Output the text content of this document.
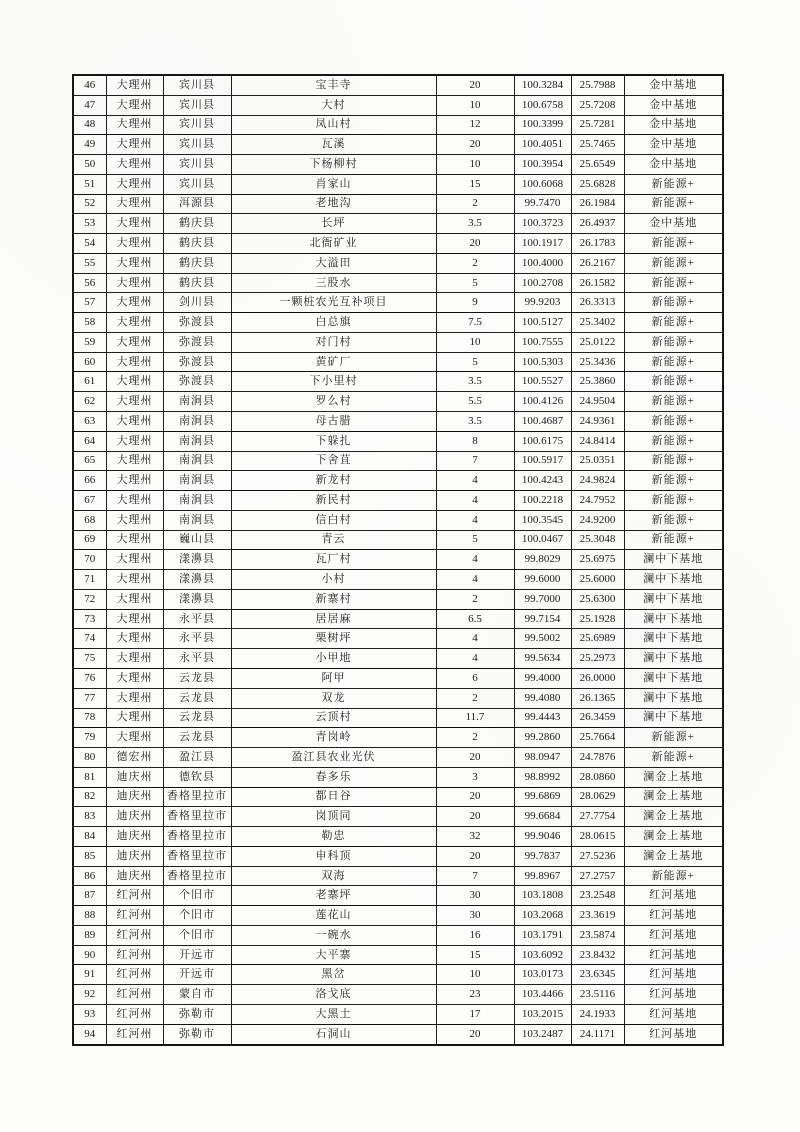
46	大理州	宾川县	宝丰寺	20	100.3284	25.7988	金中基地
47	大理州	宾川县	大村	10	100.6758	25.7208	金中基地
48	大理州	宾川县	凤山村	12	100.3399	25.7281	金中基地
49	大理州	宾川县	瓦溪	20	100.4051	25.7465	金中基地
50	大理州	宾川县	下杨柳村	10	100.3954	25.6549	金中基地
51	大理州	宾川县	肖家山	15	100.6068	25.6828	新能源+
52	大理州	洱源县	老地沟	2	99.7470	26.1984	新能源+
53	大理州	鹤庆县	长坪	3.5	100.3723	26.4937	金中基地
54	大理州	鹤庆县	北衙矿业	20	100.1917	26.1783	新能源+
55	大理州	鹤庆县	大溢田	2	100.4000	26.2167	新能源+
56	大理州	鹤庆县	三股水	5	100.2708	26.1582	新能源+
57	大理州	剑川县	一颗桩农光互补项目	9	99.9203	26.3313	新能源+
58	大理州	弥渡县	白总旗	7.5	100.5127	25.3402	新能源+
59	大理州	弥渡县	对门村	10	100.7555	25.0122	新能源+
60	大理州	弥渡县	黄矿厂	5	100.5303	25.3436	新能源+
61	大理州	弥渡县	下小里村	3.5	100.5527	25.3860	新能源+
62	大理州	南涧县	罗么村	5.5	100.4126	24.9504	新能源+
63	大理州	南涧县	母古腊	3.5	100.4687	24.9361	新能源+
64	大理州	南涧县	下躲扎	8	100.6175	24.8414	新能源+
65	大理州	南涧县	下舍苴	7	100.5917	25.0351	新能源+
66	大理州	南涧县	新龙村	4	100.4243	24.9824	新能源+
67	大理州	南涧县	新民村	4	100.2218	24.7952	新能源+
68	大理州	南涧县	信白村	4	100.3545	24.9200	新能源+
69	大理州	巍山县	青云	5	100.0467	25.3048	新能源+
70	大理州	漾濞县	瓦厂村	4	99.8029	25.6975	澜中下基地
71	大理州	漾濞县	小村	4	99.6000	25.6000	澜中下基地
72	大理州	漾濞县	新寨村	2	99.7000	25.6300	澜中下基地
73	大理州	永平县	居居麻	6.5	99.7154	25.1928	澜中下基地
74	大理州	永平县	栗树坪	4	99.5002	25.6989	澜中下基地
75	大理州	永平县	小甲地	4	99.5634	25.2973	澜中下基地
76	大理州	云龙县	阿甲	6	99.4000	26.0000	澜中下基地
77	大理州	云龙县	双龙	2	99.4080	26.1365	澜中下基地
78	大理州	云龙县	云顶村	11.7	99.4443	26.3459	澜中下基地
79	大理州	云龙县	青岗岭	2	99.2860	25.7664	新能源+
80	德宏州	盈江县	盈江县农业光伏	20	98.0947	24.7876	新能源+
81	迪庆州	德钦县	春多乐	3	98.8992	28.0860	澜金上基地
82	迪庆州	香格里拉市	都日谷	20	99.6869	28.0629	澜金上基地
83	迪庆州	香格里拉市	岗顶同	20	99.6684	27.7754	澜金上基地
84	迪庆州	香格里拉市	勒忠	32	99.9046	28.0615	澜金上基地
85	迪庆州	香格里拉市	申科顶	20	99.7837	27.5236	澜金上基地
86	迪庆州	香格里拉市	双海	7	99.8967	27.2757	新能源+
87	红河州	个旧市	老寨坪	30	103.1808	23.2548	红河基地
88	红河州	个旧市	莲花山	30	103.2068	23.3619	红河基地
89	红河州	个旧市	一碗水	16	103.1791	23.5874	红河基地
90	红河州	开远市	大平寨	15	103.6092	23.8432	红河基地
91	红河州	开远市	黑岔	10	103.0173	23.6345	红河基地
92	红河州	蒙自市	洛戈底	23	103.4466	23.5116	红河基地
93	红河州	弥勒市	大黑土	17	103.2015	24.1933	红河基地
94	红河州	弥勒市	石洞山	20	103.2487	24.1171	红河基地
